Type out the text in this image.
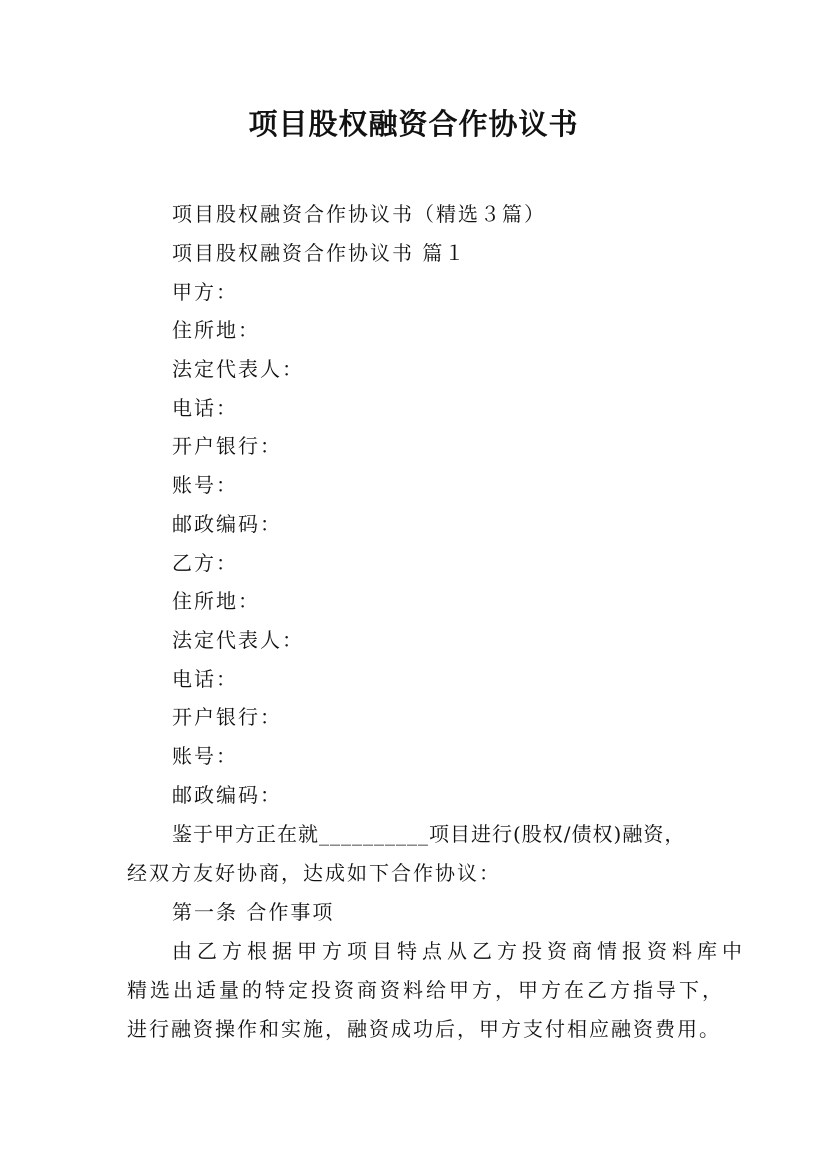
项目股权融资合作协议书

项目股权融资合作协议书（精选３篇）

项目股权融资合作协议书 篇１

甲方：

住所地：

法定代表人：

电话：

开户银行：

账号：

邮政编码：

乙方：

住所地：

法定代表人：

电话：

开户银行：

账号：

邮政编码：

鉴于甲方正在就__________项目进行(股权/债权)融资，

经双方友好协商，达成如下合作协议：

第一条 合作事项

由乙方根据甲方项目特点从乙方投资商情报资料库中

精选出适量的特定投资商资料给甲方，甲方在乙方指导下，

进行融资操作和实施，融资成功后，甲方支付相应融资费用。
